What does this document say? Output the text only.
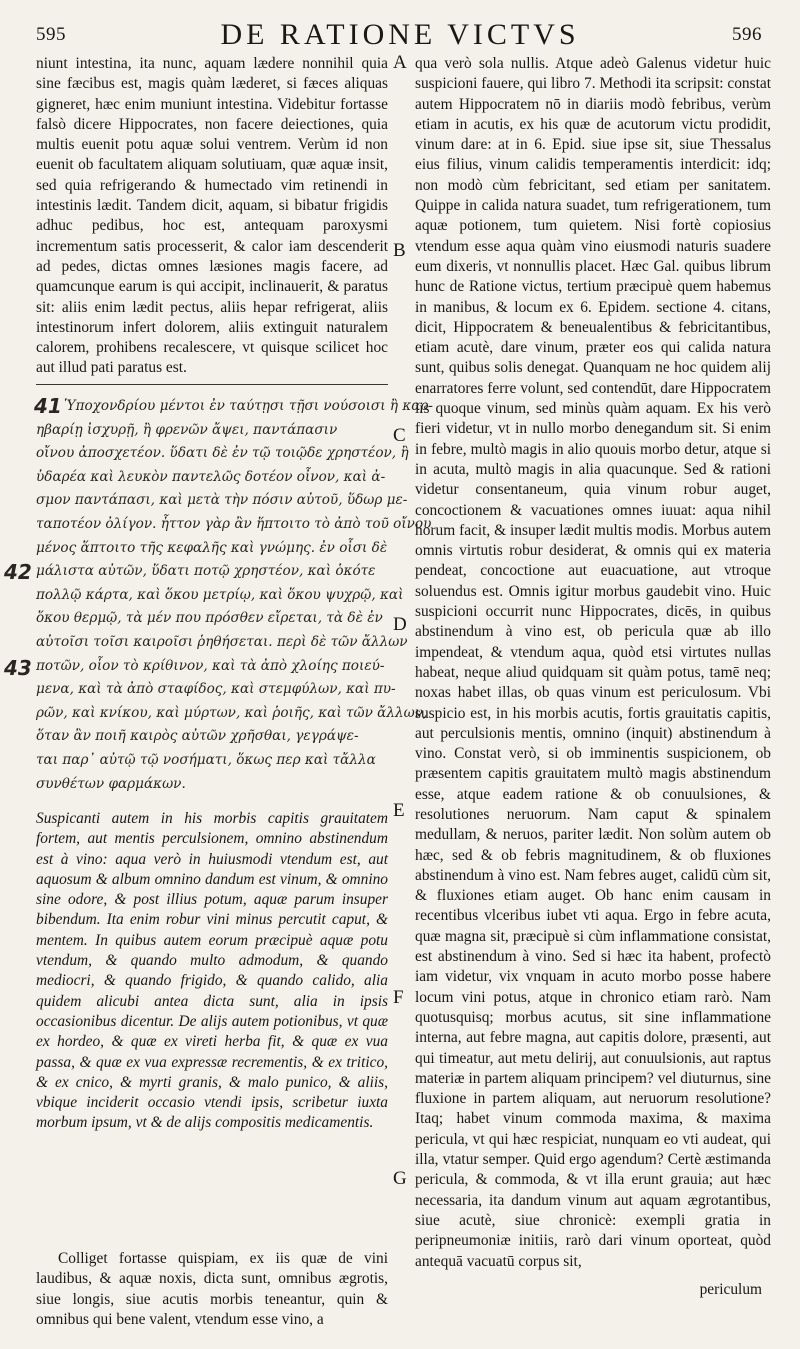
595	DE RATIONE VICTVS	596
A
B
C
D
E
F
G

niunt intestina, ita nunc, aquam lædere nonnihil quia sine fæcibus est, magis quàm læderet, si fæces aliquas gigneret, hæc enim muniunt intestina. Videbitur fortasse falsò dicere Hippocrates, non facere deiectiones, quia multis euenit potu aquæ solui ventrem. Verùm id non euenit ob facultatem aliquam solutiuam, quæ aquæ insit, sed quia refrigerando & humectado vim retinendi in intestinis lædit. Tandem dicit, aquam, si bibatur frigidis adhuc pedibus, hoc est, antequam paroxysmi incrementum satis processerit, & calor iam descenderit ad pedes, dictas omnes læsiones magis facere, ad quamcunque earum is qui accipit, inclinauerit, & paratus sit: aliis enim lædit pectus, aliis hepar refrigerat, aliis intestinorum infert dolorem, aliis extinguit naturalem calorem, prohibens recalescere, vt quisque scilicet hoc aut illud pati paratus est.

41
42
43
Ὑποχονδρίου μέντοι ἐν ταύτῃσι τῇσι νούσοισι ἢ καρ-
ηβαρίῃ ἰσχυρῇ, ἢ φρενῶν ἄψει, παντάπασιν
οἴνου ἀποσχετέον. ὕδατι δὲ ἐν τῷ τοιῷδε χρηστέον, ἢ
ὑδαρέα καὶ λευκὸν παντελῶς δοτέον οἶνον, καὶ ἀ-
σμον παντάπασι, καὶ μετὰ τὴν πόσιν αὐτοῦ, ὕδωρ με-
ταποτέον ὀλίγον. ἧττον γὰρ ἂν ἥπτοιτο τὸ ἀπὸ τοῦ οἴνου
μένος ἅπτοιτο τῆς κεφαλῆς καὶ γνώμης. ἐν οἷσι δὲ
μάλιστα αὐτῶν, ὕδατι ποτῷ χρηστέον, καὶ ὁκότε
πολλῷ κάρτα, καὶ ὅκου μετρίῳ, καὶ ὅκου ψυχρῷ, καὶ
ὅκου θερμῷ, τὰ μέν που πρόσθεν εἴρεται, τὰ δὲ ἐν
αὐτοῖσι τοῖσι καιροῖσι ῥηθήσεται. περὶ δὲ τῶν ἄλλων
ποτῶν, οἷον τὸ κρίθινον, καὶ τὰ ἀπὸ χλοίης ποιεύ-
μενα, καὶ τὰ ἀπὸ σταφίδος, καὶ στεμφύλων, καὶ πυ-
ρῶν, καὶ κνίκου, καὶ μύρτων, καὶ ῥοιῆς, καὶ τῶν ἄλλων,
ὅταν ἂν ποιῆ καιρὸς αὐτῶν χρῆσθαι, γεγράψε-
ται παρ᾽ αὐτῷ τῷ νοσήματι, ὅκως περ καὶ τἄλλα
συνθέτων φαρμάκων.

Suspicanti autem in his morbis capitis grauitatem fortem, aut mentis perculsionem, omnino abstinendum est à vino: aqua verò in huiusmodi vtendum est, aut aquosum & album omnino dandum est vinum, & omnino sine odore, & post illius potum, aquæ parum insuper bibendum. Ita enim robur vini minus percutit caput, & mentem. In quibus autem eorum præcipuè aquæ potu vtendum, & quando multo admodum, & quando mediocri, & quando frigido, & quando calido, alia quidem alicubi antea dicta sunt, alia in ipsis occasionibus dicentur. De alijs autem potionibus, vt quæ ex hordeo, & quæ ex vireti herba fit, & quæ ex vua passa, & quæ ex vua expressæ recrementis, & ex tritico, & ex cnico, & myrti granis, & malo punico, & aliis, vbique inciderit occasio vtendi ipsis, scribetur iuxta morbum ipsum, vt & de alijs compositis medicamentis.

Colliget fortasse quispiam, ex iis quæ de vini laudibus, & aquæ noxis, dicta sunt, omnibus ægrotis, siue longis, siue acutis morbis teneantur, quin & omnibus qui bene valent, vtendum esse vino, a

qua verò sola nullis. Atque adeò Galenus videtur huic suspicioni fauere, qui libro 7. Methodi ita scripsit: constat autem Hippocratem nō in diariis modò febribus, verùm etiam in acutis, ex his quæ de acutorum victu prodidit, vinum dare: at in 6. Epid. siue ipse sit, siue Thessalus eius filius, vinum calidis temperamentis interdicit: idq; non modò cùm febricitant, sed etiam per sanitatem. Quippe in calida natura suadet, tum refrigerationem, tum aquæ potionem, tum quietem. Nisi fortè copiosius vtendum esse aqua quàm vino eiusmodi naturis suadere eum dixeris, vt nonnullis placet. Hæc Gal. quibus librum hunc de Ratione victus, tertium præcipuè quem habemus in manibus, & locum ex 6. Epidem. sectione 4. citans, dicit, Hippocratem & beneualentibus & febricitantibus, etiam acutè, dare vinum, præter eos qui calida natura sunt, quibus solis denegat. Quanquam ne hoc quidem alij enarratores ferre volunt, sed contendūt, dare Hippocratem iis quoque vinum, sed minùs quàm aquam. Ex his verò fieri videtur, vt in nullo morbo denegandum sit. Si enim in febre, multò magis in alio quouis morbo detur, atque si in acuta, multò magis in alia quacunque. Sed & rationi videtur consentaneum, quia vinum robur auget, concoctionem & vacuationes omnes iuuat: aqua nihil horum facit, & insuper lædit multis modis. Morbus autem omnis virtutis robur desiderat, & omnis qui ex materia pendeat, concoctione aut euacuatione, aut vtroque soluendus est. Omnis igitur morbus gaudebit vino. Huic suspicioni occurrit nunc Hippocrates, dicēs, in quibus abstinendum à vino est, ob pericula quæ ab illo impendeat, & vtendum aqua, quòd etsi virtutes nullas habeat, neque aliud quidquam sit quàm potus, tamē neq; noxas habet illas, ob quas vinum est periculosum. Vbi suspicio est, in his morbis acutis, fortis grauitatis capitis, aut perculsionis mentis, omnino (inquit) abstinendum à vino. Constat verò, si ob imminentis suspicionem, ob præsentem capitis grauitatem multò magis abstinendum esse, atque eadem ratione & ob conuulsiones, & resolutiones neruorum. Nam caput & spinalem medullam, & neruos, pariter lædit. Non solùm autem ob hæc, sed & ob febris magnitudinem, & ob fluxiones abstinendum à vino est. Nam febres auget, calidū cùm sit, & fluxiones etiam auget. Ob hanc enim causam in recentibus vlceribus iubet vti aqua. Ergo in febre acuta, quæ magna sit, præcipuè si cùm inflammatione consistat, est abstinendum à vino. Sed si hæc ita habent, profectò iam videtur, vix vnquam in acuto morbo posse habere locum vini potus, atque in chronico etiam rarò. Nam quotusquisq; morbus acutus, sit sine inflammatione interna, aut febre magna, aut capitis dolore, præsenti, aut qui timeatur, aut metu delirij, aut conuulsionis, aut raptus materiæ in partem aliquam principem? vel diuturnus, sine fluxione in partem aliquam, aut neruorum resolutione? Itaq; habet vinum commoda maxima, & maxima pericula, vt qui hæc respiciat, nunquam eo vti audeat, qui illa, vtatur semper. Quid ergo agendum? Certè æstimanda pericula, & commoda, & vt illa erunt grauia; aut hæc necessaria, ita dandum vinum aut aquam ægrotantibus, siue acutè, siue chronicè: exempli gratia in peripneumoniæ initiis, rarò dari vinum oporteat, quòd antequā vacuatū corpus sit,

periculum
